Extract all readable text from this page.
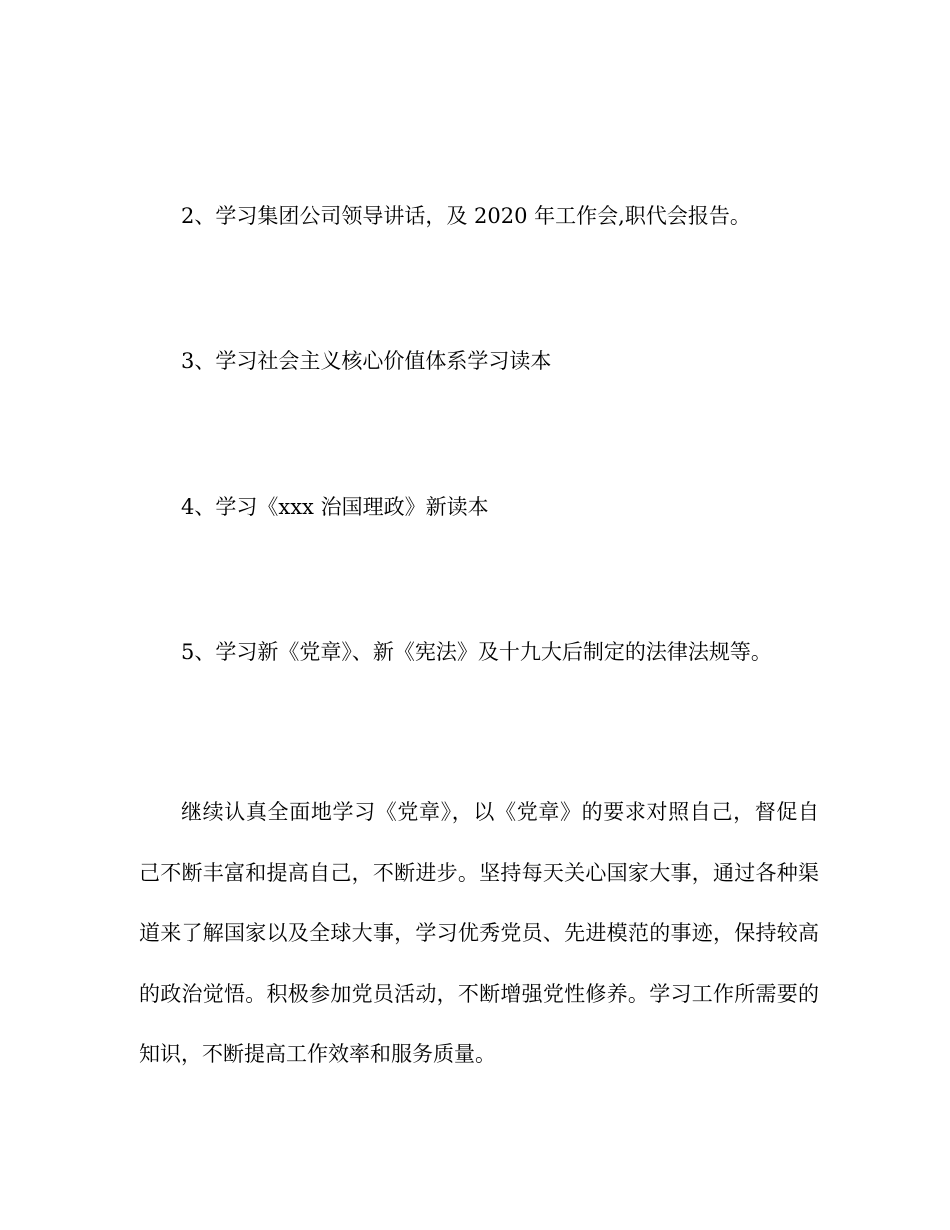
2、学习集团公司领导讲话，及 2020 年工作会,职代会报告。

3、学习社会主义核心价值体系学习读本

4、学习《xxx 治国理政》新读本

5、学习新《党章》、新《宪法》及十九大后制定的法律法规等。

继续认真全面地学习《党章》，以《党章》的要求对照自己，督促自己不断丰富和提高自己，不断进步。坚持每天关心国家大事，通过各种渠道来了解国家以及全球大事，学习优秀党员、先进模范的事迹，保持较高的政治觉悟。积极参加党员活动，不断增强党性修养。学习工作所需要的知识，不断提高工作效率和服务质量。
